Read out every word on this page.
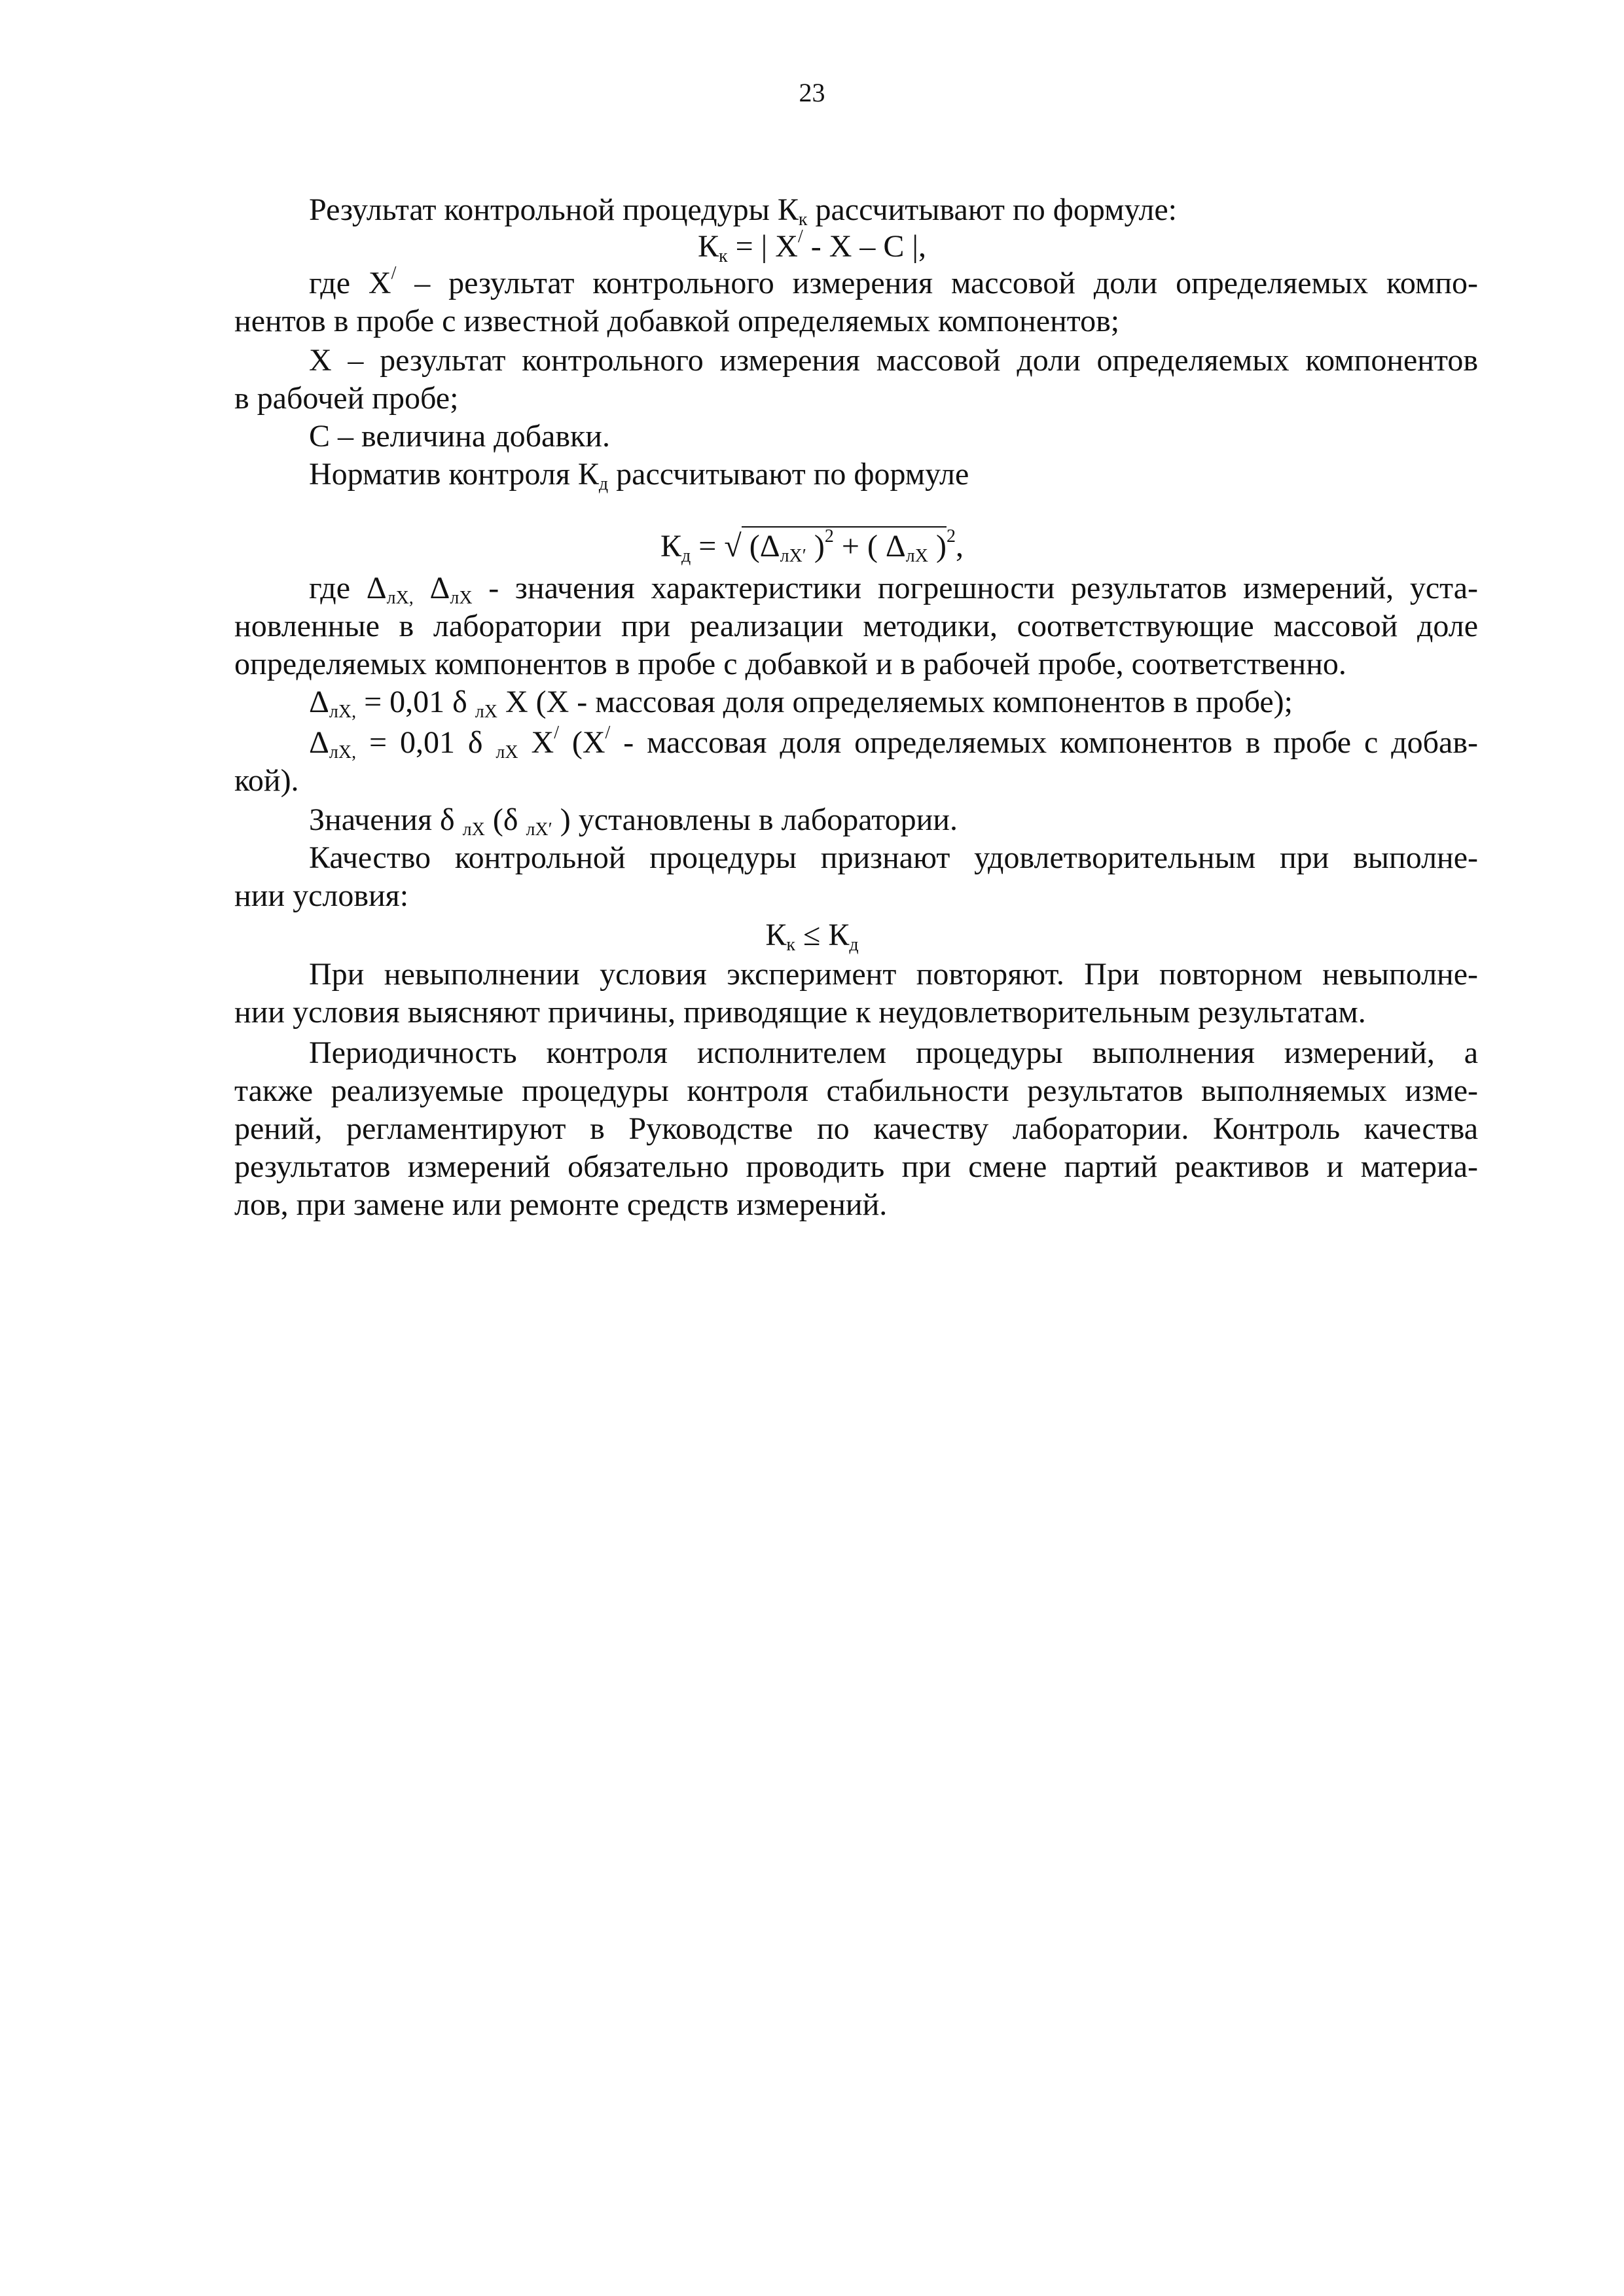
23
Результат контрольной процедуры $К_к$ рассчитывают по формуле:
$К_к$ = | X/ - X – C |,
где X/ – результат контрольного измерения массовой доли определяемых компо-
нентов в пробе с известной добавкой определяемых компонентов;
X – результат контрольного измерения массовой доли определяемых компонентов
в рабочей пробе;
C – величина добавки.
Норматив контроля $К_д$ рассчитывают по формуле
$К_д$ = √ ($\Delta_{лX'}$ )$^2$ + ( $\Delta_{лX}$ )$^2$,
где $\Delta_{лX,}$ $\Delta_{лX}$ - значения характеристики погрешности результатов измерений, уста-
новленные в лаборатории при реализации методики, соответствующие массовой доле
определяемых компонентов в пробе с добавкой и в рабочей пробе, соответственно.
$\Delta_{лX,} = 0,01$ δ $_{лX}$ X (X - массовая доля определяемых компонентов в пробе);
$\Delta_{лX,} = 0,01$ δ $_{лX}$ X/ (X/ - массовая доля определяемых компонентов в пробе с добав-
кой).
Значения δ $_{лX}$ (δ $_{лX'}$ ) установлены в лаборатории.
Качество контрольной процедуры признают удовлетворительным при выполне-
нии условия:
$К_к \le К_д$
При невыполнении условия эксперимент повторяют. При повторном невыполне-
нии условия выясняют причины, приводящие к неудовлетворительным результатам.
Периодичность контроля исполнителем процедуры выполнения измерений, а
также реализуемые процедуры контроля стабильности результатов выполняемых изме-
рений, регламентируют в Руководстве по качеству лаборатории. Контроль качества
результатов измерений обязательно проводить при смене партий реактивов и материа-
лов, при замене или ремонте средств измерений.
